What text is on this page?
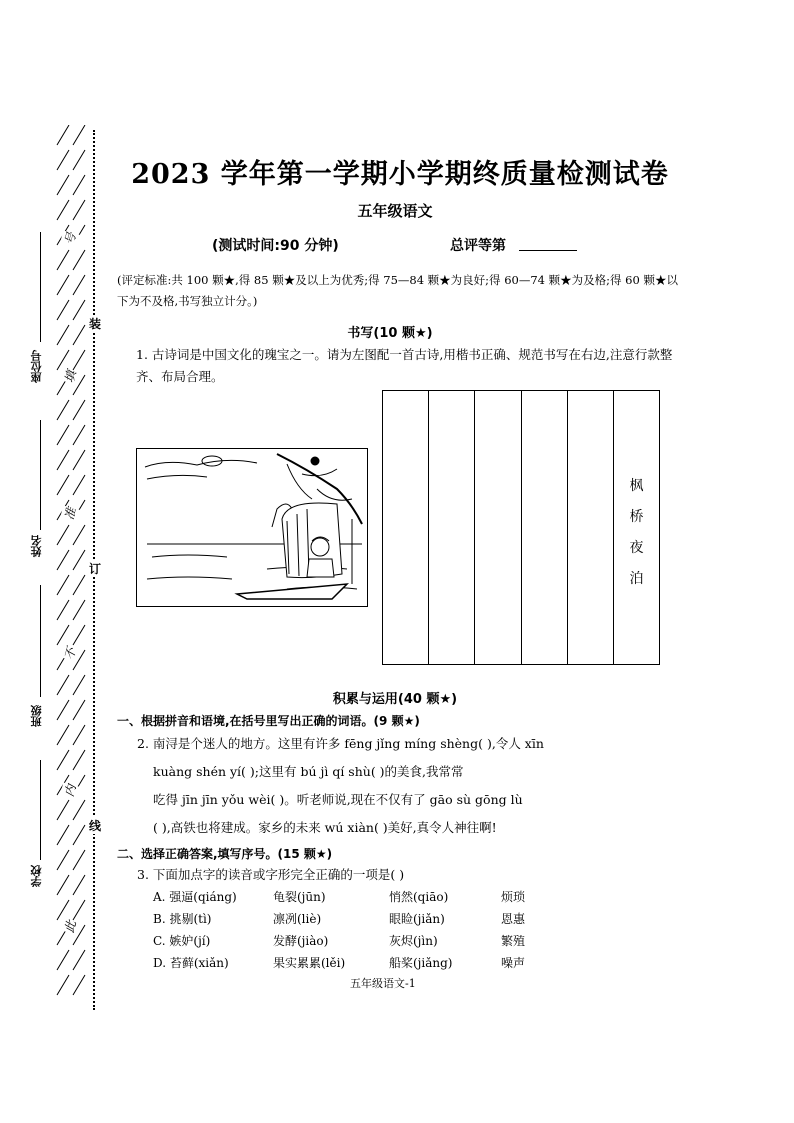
座位号
姓名
班级
学校
装
订
线
号
填
准
不
内
此
2023 学年第一学期小学期终质量检测试卷
五年级语文
(测试时间:90 分钟)	总评等第
(评定标准:共 100 颗★,得 85 颗★及以上为优秀;得 75—84 颗★为良好;得 60—74 颗★为及格;得 60 颗★以下为不及格,书写独立计分。)
书写(10 颗★)
1. 古诗词是中国文化的瑰宝之一。请为左图配一首古诗,用楷书正确、规范书写在右边,注意行款整齐、布局合理。
枫
桥
夜
泊
积累与运用(40 颗★)
一、根据拼音和语境,在括号里写出正确的词语。(9 颗★)
2. 南浔是个迷人的地方。这里有许多 fēng jǐng míng shèng( ),令人 xīn
kuàng shén yí( );这里有 bú jì qí shù( )的美食,我常常
吃得 jīn jīn yǒu wèi( )。听老师说,现在不仅有了 gāo sù gōng lù
( ),高铁也将建成。家乡的未来 wú xiàn( )美好,真令人神往啊!
二、选择正确答案,填写序号。(15 颗★)
3. 下面加点字的读音或字形完全正确的一项是( )
A. 强逼(qiáng)	龟裂(jūn)	悄然(qiāo)	烦琐
B. 挑剔(tì)	凛冽(liè)	眼睑(jiǎn)	恩惠
C. 嫉妒(jí)	发酵(jiào)	灰烬(jìn)	繁殖
D. 苔藓(xiǎn)	果实累累(lěi)	船桨(jiǎng)	噪声
五年级语文-1
